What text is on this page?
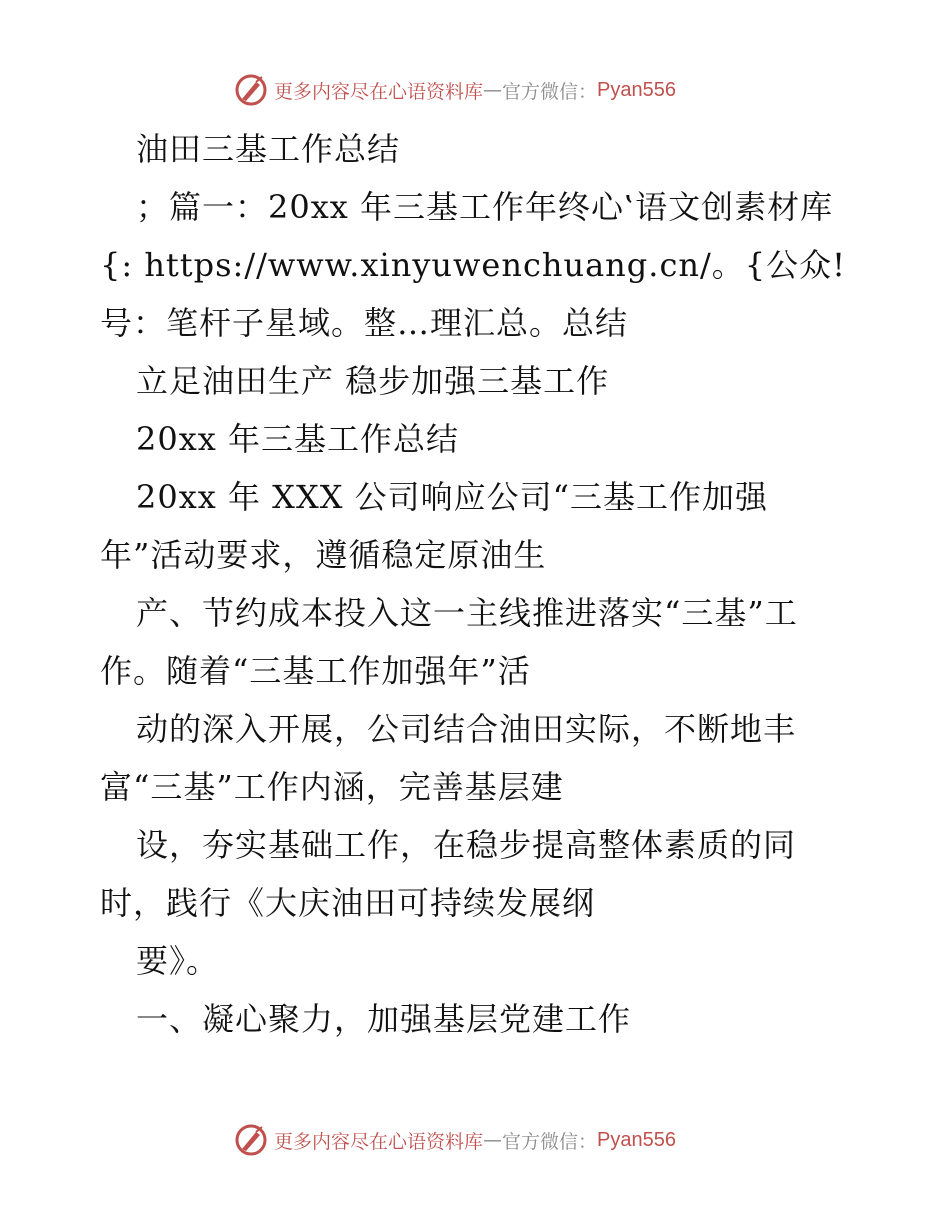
更多内容尽在心语资料库 — 官方微信： Pyan556
油田三基工作总结
；篇一：20xx 年三基工作年终心‛语文创素材库
{: https://www.xinyuwenchuang.cn/。{公众!
号：笔杆子星域。整…理汇总。总结
立足油田生产 稳步加强三基工作
20xx 年三基工作总结
20xx 年 XXX 公司响应公司“三基工作加强
年”活动要求，遵循稳定原油生
产、节约成本投入这一主线推进落实“三基”工
作。随着“三基工作加强年”活
动的深入开展，公司结合油田实际，不断地丰
富“三基”工作内涵，完善基层建
设，夯实基础工作，在稳步提高整体素质的同
时，践行《大庆油田可持续发展纲
要》。
一、凝心聚力，加强基层党建工作
更多内容尽在心语资料库 — 官方微信： Pyan556
